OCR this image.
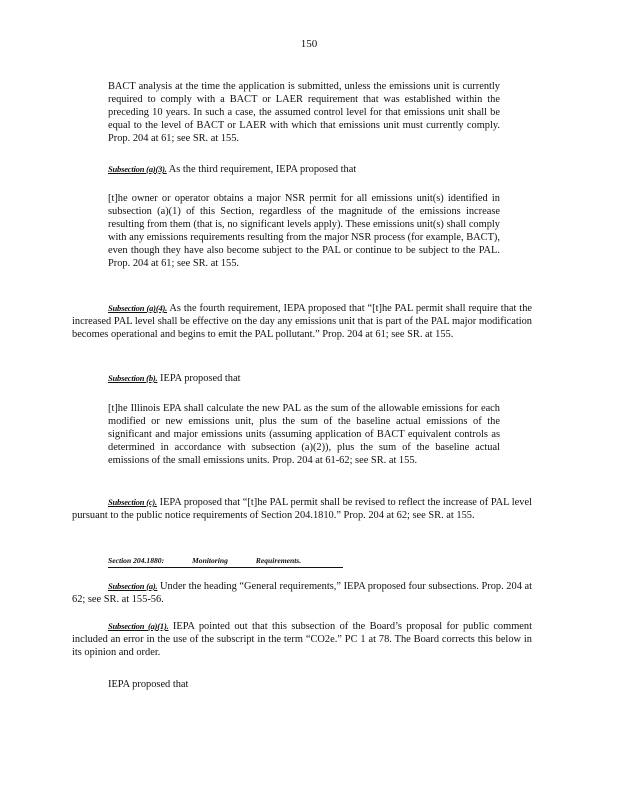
150

BACT analysis at the time the application is submitted, unless the emissions unit is currently required to comply with a BACT or LAER requirement that was established within the preceding 10 years. In such a case, the assumed control level for that emissions unit shall be equal to the level of BACT or LAER with which that emissions unit must currently comply. Prop. 204 at 61; see SR. at 155.

Subsection (a)(3). As the third requirement, IEPA proposed that

[t]he owner or operator obtains a major NSR permit for all emissions unit(s) identified in subsection (a)(1) of this Section, regardless of the magnitude of the emissions increase resulting from them (that is, no significant levels apply). These emissions unit(s) shall comply with any emissions requirements resulting from the major NSR process (for example, BACT), even though they have also become subject to the PAL or continue to be subject to the PAL. Prop. 204 at 61; see SR. at 155.

Subsection (a)(4). As the fourth requirement, IEPA proposed that “[t]he PAL permit shall require that the increased PAL level shall be effective on the day any emissions unit that is part of the PAL major modification becomes operational and begins to emit the PAL pollutant.” Prop. 204 at 61; see SR. at 155.

Subsection (b). IEPA proposed that

[t]he Illinois EPA shall calculate the new PAL as the sum of the allowable emissions for each modified or new emissions unit, plus the sum of the baseline actual emissions of the significant and major emissions units (assuming application of BACT equivalent controls as determined in accordance with subsection (a)(2)), plus the sum of the baseline actual emissions of the small emissions units. Prop. 204 at 61-62; see SR. at 155.

Subsection (c). IEPA proposed that “[t]he PAL permit shall be revised to reflect the increase of PAL level pursuant to the public notice requirements of Section 204.1810.” Prop. 204 at 62; see SR. at 155.

Section 204.1880:	Monitoring	Requirements.

Subsection (a). Under the heading “General requirements,” IEPA proposed four subsections. Prop. 204 at 62; see SR. at 155-56.

Subsection (a)(1). IEPA pointed out that this subsection of the Board’s proposal for public comment included an error in the use of the subscript in the term “CO2e.” PC 1 at 78. The Board corrects this below in its opinion and order.

IEPA proposed that
